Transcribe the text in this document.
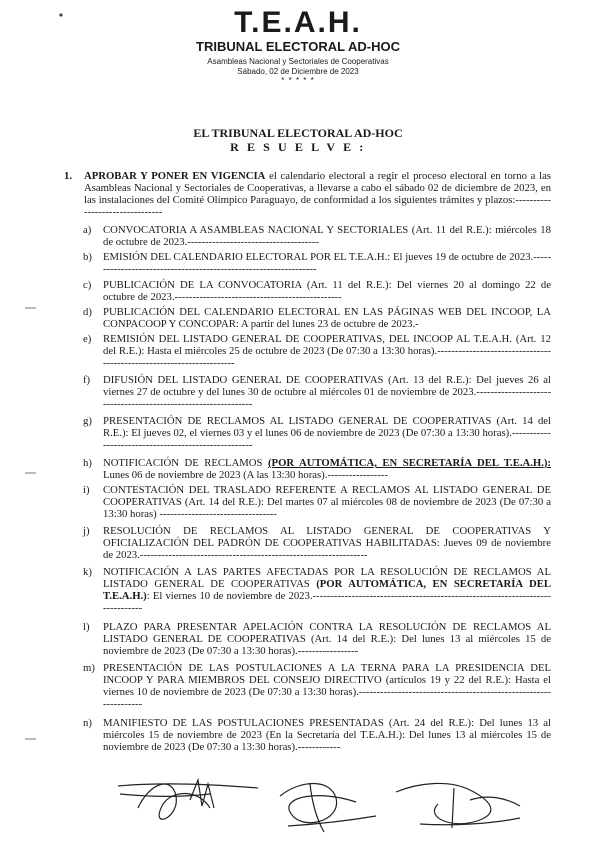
T.E.A.H.
TRIBUNAL ELECTORAL AD-HOC
Asambleas Nacional y Sectoriales de Cooperativas
Sábado, 02 de Diciembre de 2023
* * * * *
EL TRIBUNAL ELECTORAL AD-HOC
R E S U E L V E :
1. APROBAR Y PONER EN VIGENCIA el calendario electoral a regir el proceso electoral en torno a las Asambleas Nacional y Sectoriales de Cooperativas, a llevarse a cabo el sábado 02 de diciembre de 2023, en las instalaciones del Comité Olímpico Paraguayo, de conformidad a los siguientes trámites y plazos:--------------------------------
a) CONVOCATORIA A ASAMBLEAS NACIONAL Y SECTORIALES (Art. 11 del R.E.): miércoles 18 de octubre de 2023.-------------------------------------
b) EMISIÓN DEL CALENDARIO ELECTORAL POR EL T.E.A.H.: El jueves 19 de octubre de 2023.-----------------------------------------------------------------
c) PUBLICACIÓN DE LA CONVOCATORIA (Art. 11 del R.E.): Del viernes 20 al domingo 22 de octubre de 2023.-----------------------------------------------
d) PUBLICACIÓN DEL CALENDARIO ELECTORAL EN LAS PÁGINAS WEB DEL INCOOP, LA CONPACOOP Y CONCOPAR: A partir del lunes 23 de octubre de 2023.-
e) REMISIÓN DEL LISTADO GENERAL DE COOPERATIVAS, DEL INCOOP AL T.E.A.H. (Art. 12 del R.E.): Hasta el miércoles 25 de octubre de 2023 (De 07:30 a 13:30 horas).---------------------------------------------------------------------
f) DIFUSIÓN DEL LISTADO GENERAL DE COOPERATIVAS (Art. 13 del R.E.): Del jueves 26 al viernes 27 de octubre y del lunes 30 de octubre al miércoles 01 de noviembre de 2023.---------------------------------------------------------------
g) PRESENTACIÓN DE RECLAMOS AL LISTADO GENERAL DE COOPERATIVAS (Art. 14 del R.E.): El jueves 02, el viernes 03 y el lunes 06 de noviembre de 2023 (De 07:30 a 13:30 horas).-----------------------------------------------------
h) NOTIFICACIÓN DE RECLAMOS (POR AUTOMÁTICA, EN SECRETARÍA DEL T.E.A.H.): Lunes 06 de noviembre de 2023 (A las 13:30 horas).-----------------
i) CONTESTACIÓN DEL TRASLADO REFERENTE A RECLAMOS AL LISTADO GENERAL DE COOPERATIVAS (Art. 14 del R.E.): Del martes 07 al miércoles 08 de noviembre de 2023 (De 07:30 a 13:30 horas) ---------------------------------
j) RESOLUCIÓN DE RECLAMOS AL LISTADO GENERAL DE COOPERATIVAS Y OFICIALIZACIÓN DEL PADRÓN DE COOPERATIVAS HABILITADAS: Jueves 09 de noviembre de 2023.----------------------------------------------------------------
k) NOTIFICACIÓN A LAS PARTES AFECTADAS POR LA RESOLUCIÓN DE RECLAMOS AL LISTADO GENERAL DE COOPERATIVAS (POR AUTOMÁTICA, EN SECRETARÍA DEL T.E.A.H.): El viernes 10 de noviembre de 2023.------------------------------------------------------------------------------
l) PLAZO PARA PRESENTAR APELACIÓN CONTRA LA RESOLUCIÓN DE RECLAMOS AL LISTADO GENERAL DE COOPERATIVAS (Art. 14 del R.E.): Del lunes 13 al miércoles 15 de noviembre de 2023 (De 07:30 a 13:30 horas).-----------------
m) PRESENTACIÓN DE LAS POSTULACIONES A LA TERNA PARA LA PRESIDENCIA DEL INCOOP Y PARA MIEMBROS DEL CONSEJO DIRECTIVO (artículos 19 y 22 del R.E.): Hasta el viernes 10 de noviembre de 2023 (De 07:30 a 13:30 horas).-----------------------------------------------------------------
n) MANIFIESTO DE LAS POSTULACIONES PRESENTADAS (Art. 24 del R.E.): Del lunes 13 al miércoles 15 de noviembre de 2023 (En la Secretaría del T.E.A.H.): Del lunes 13 al miércoles 15 de noviembre de 2023 (De 07:30 a 13:30 horas).------------
